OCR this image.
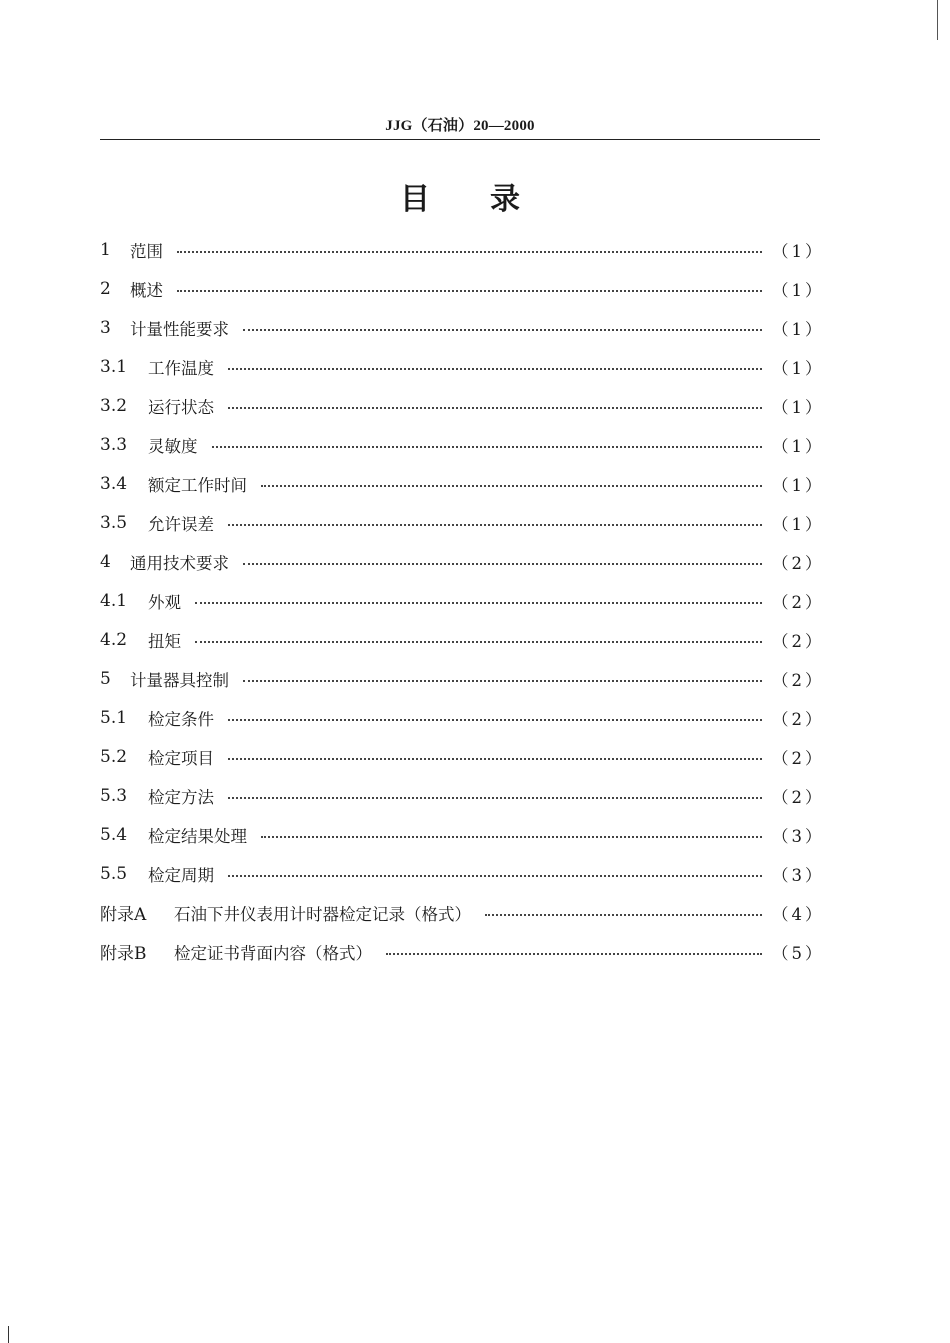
JJG（石油）20—2000
目录
1	范围	（1）
2	概述	（1）
3	计量性能要求	（1）
3.1	工作温度	（1）
3.2	运行状态	（1）
3.3	灵敏度	（1）
3.4	额定工作时间	（1）
3.5	允许误差	（1）
4	通用技术要求	（2）
4.1	外观	（2）
4.2	扭矩	（2）
5	计量器具控制	（2）
5.1	检定条件	（2）
5.2	检定项目	（2）
5.3	检定方法	（2）
5.4	检定结果处理	（3）
5.5	检定周期	（3）
附录A	石油下井仪表用计时器检定记录（格式）	（4）
附录B	检定证书背面内容（格式）	（5）
